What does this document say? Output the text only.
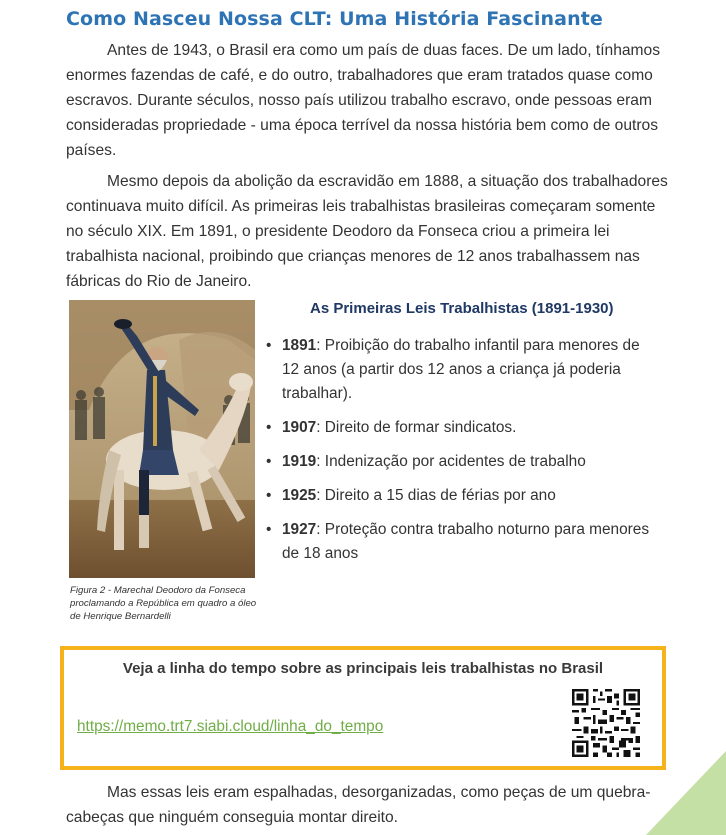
Como Nasceu Nossa CLT: Uma História Fascinante

Antes de 1943, o Brasil era como um país de duas faces. De um lado, tínhamos enormes fazendas de café, e do outro, trabalhadores que eram tratados quase como escravos. Durante séculos, nosso país utilizou trabalho escravo, onde pessoas eram consideradas propriedade - uma época terrível da nossa história bem como de outros países.

Mesmo depois da abolição da escravidão em 1888, a situação dos trabalhadores continuava muito difícil. As primeiras leis trabalhistas brasileiras começaram somente no século XIX. Em 1891, o presidente Deodoro da Fonseca criou a primeira lei trabalhista nacional, proibindo que crianças menores de 12 anos trabalhassem nas fábricas do Rio de Janeiro.

Figura 2 - Marechal Deodoro da Fonseca proclamando a República em quadro a óleo de Henrique Bernardelli
As Primeiras Leis Trabalhistas (1891-1930)
• 1891: Proibição do trabalho infantil para menores de 12 anos (a partir dos 12 anos a criança já poderia trabalhar).
• 1907: Direito de formar sindicatos.
• 1919: Indenização por acidentes de trabalho
• 1925: Direito a 15 dias de férias por ano
• 1927: Proteção contra trabalho noturno para menores de 18 anos
Veja a linha do tempo sobre as principais leis trabalhistas no Brasil
https://memo.trt7.siabi.cloud/linha_do_tempo

Mas essas leis eram espalhadas, desorganizadas, como peças de um quebra-cabeças que ninguém conseguia montar direito.
